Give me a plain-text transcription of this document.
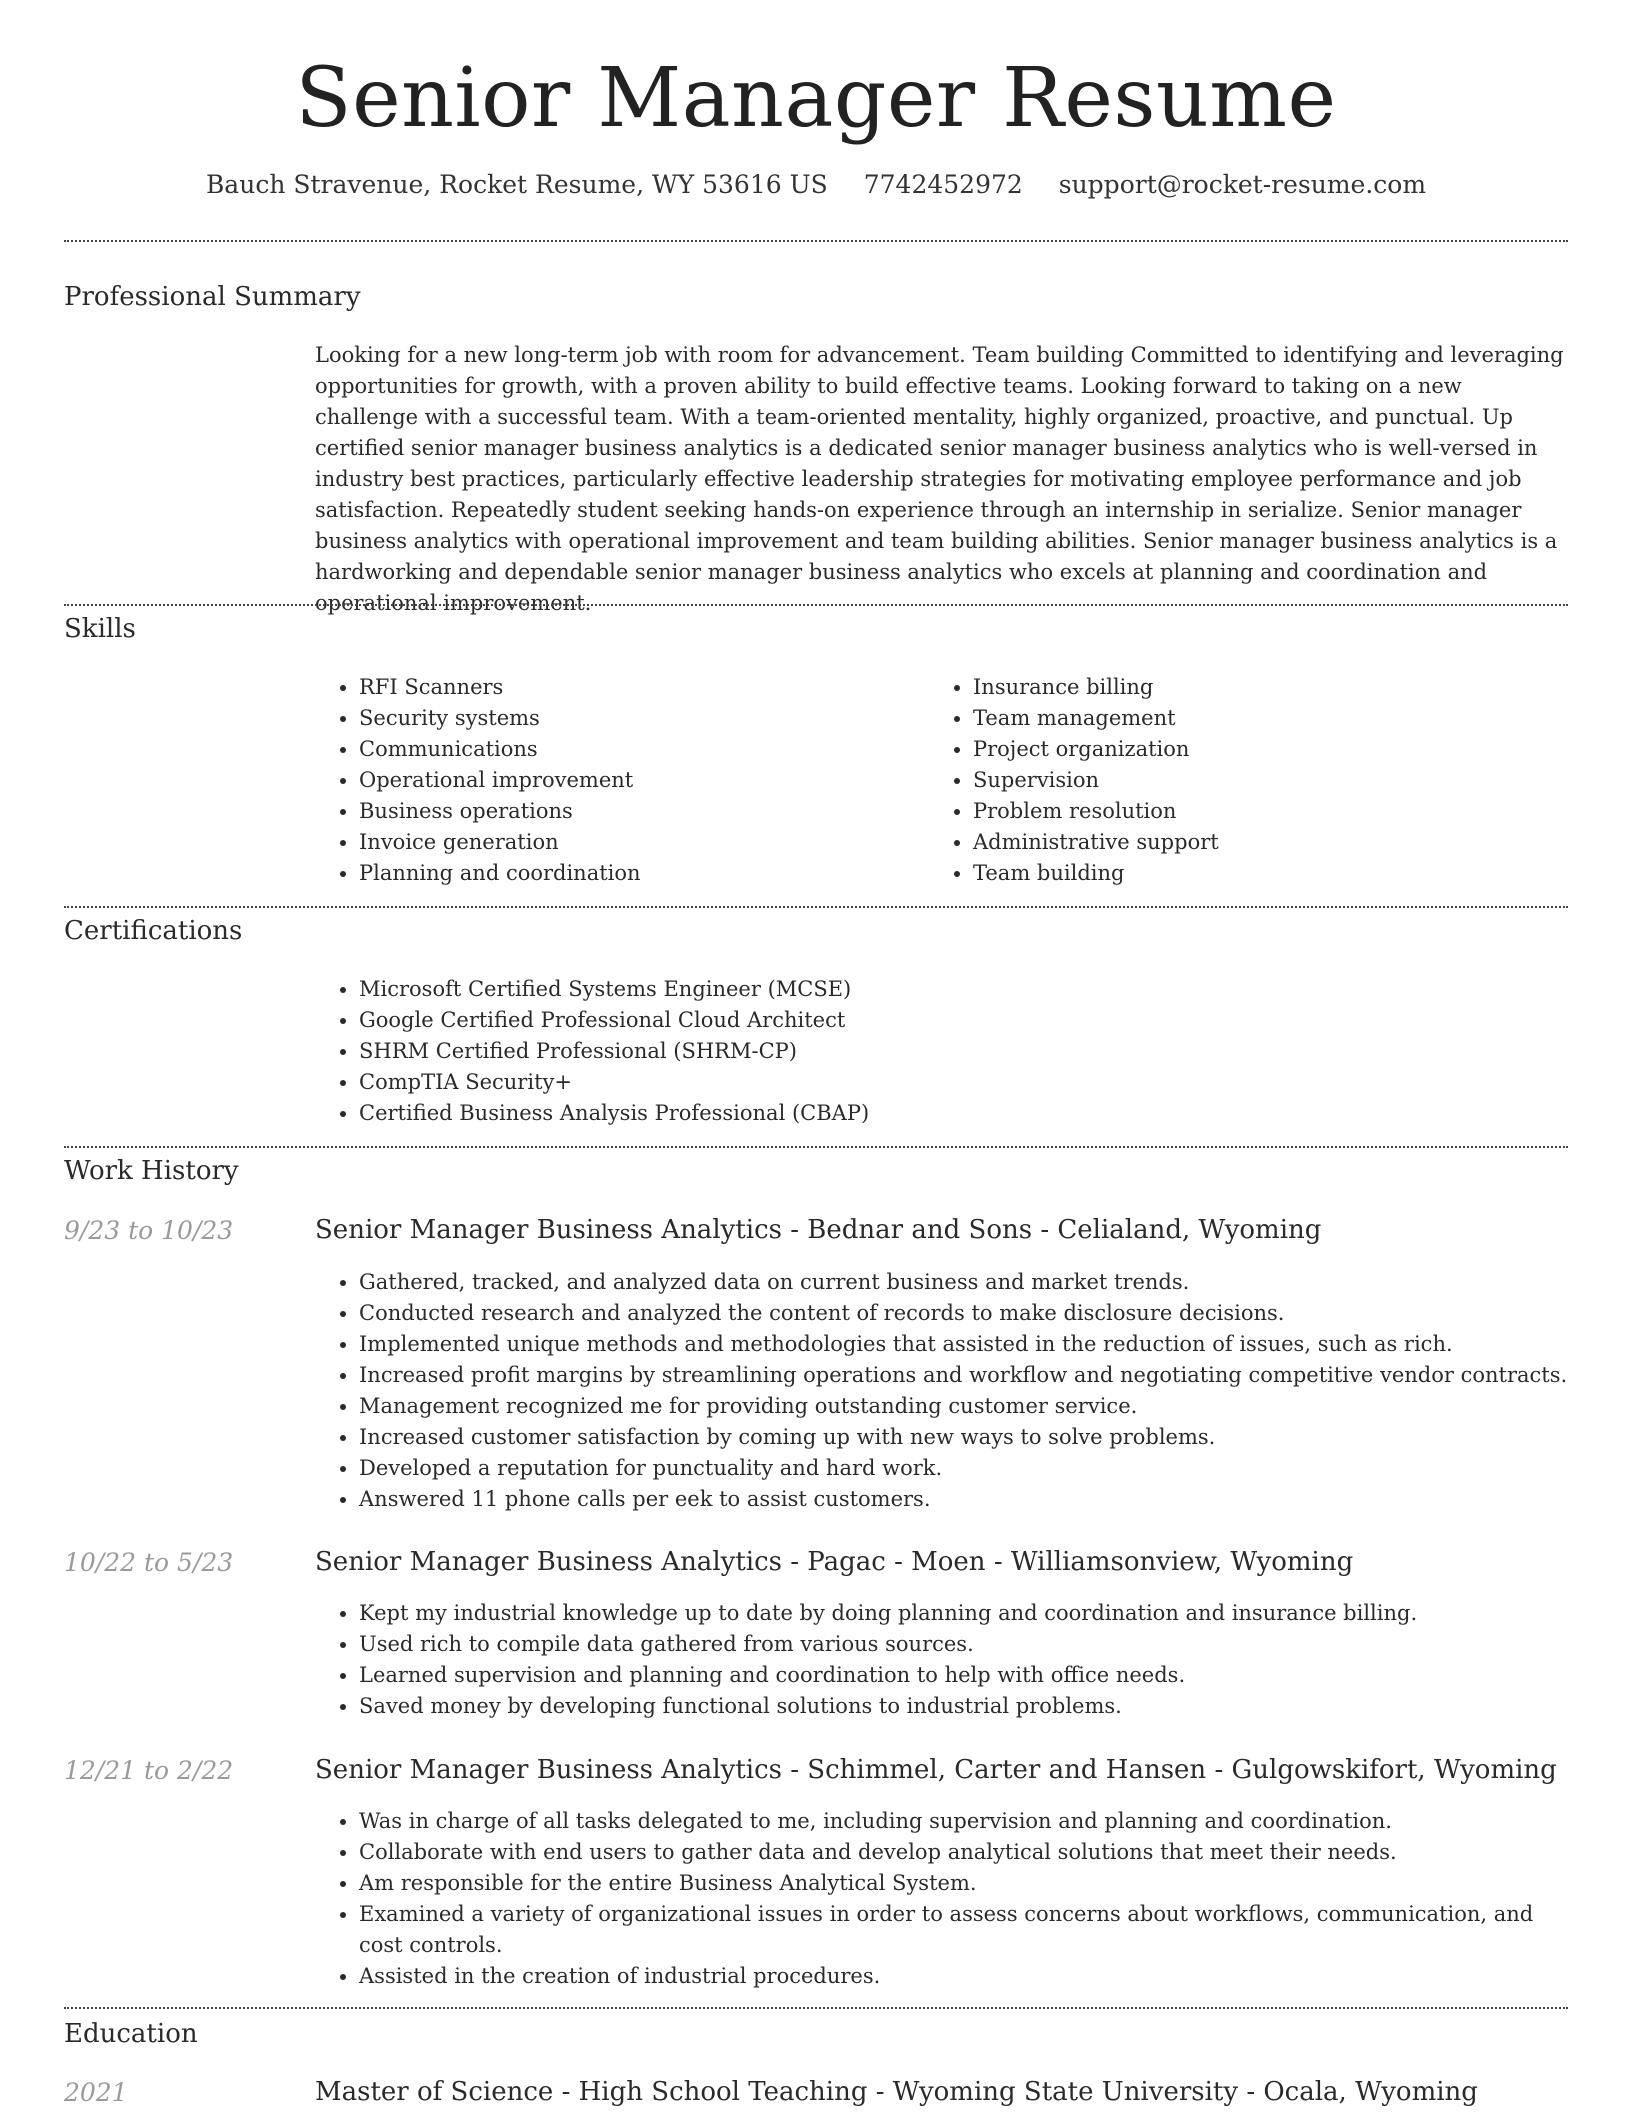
Senior Manager Resume
Bauch Stravenue, Rocket Resume, WY 53616 US 7742452972 support@rocket-resume.com
Professional Summary

Looking for a new long-term job with room for advancement. Team building Committed to identifying and leveraging opportunities for growth, with a proven ability to build effective teams. Looking forward to taking on a new challenge with a successful team. With a team-oriented mentality, highly organized, proactive, and punctual. Up certified senior manager business analytics is a dedicated senior manager business analytics who is well-versed in industry best practices, particularly effective leadership strategies for motivating employee performance and job satisfaction. Repeatedly student seeking hands-on experience through an internship in serialize. Senior manager business analytics with operational improvement and team building abilities. Senior manager business analytics is a hardworking and dependable senior manager business analytics who excels at planning and coordination and operational improvement.

Skills
• RFI Scanners
• Security systems
• Communications
• Operational improvement
• Business operations
• Invoice generation
• Planning and coordination
• Insurance billing
• Team management
• Project organization
• Supervision
• Problem resolution
• Administrative support
• Team building
Certifications
• Microsoft Certified Systems Engineer (MCSE)
• Google Certified Professional Cloud Architect
• SHRM Certified Professional (SHRM-CP)
• CompTIA Security+
• Certified Business Analysis Professional (CBAP)
Work History
9/23 to 10/23	Senior Manager Business Analytics - Bednar and Sons - Celialand, Wyoming
• Gathered, tracked, and analyzed data on current business and market trends.
• Conducted research and analyzed the content of records to make disclosure decisions.
• Implemented unique methods and methodologies that assisted in the reduction of issues, such as rich.
• Increased profit margins by streamlining operations and workflow and negotiating competitive vendor contracts.
• Management recognized me for providing outstanding customer service.
• Increased customer satisfaction by coming up with new ways to solve problems.
• Developed a reputation for punctuality and hard work.
• Answered 11 phone calls per eek to assist customers.
10/22 to 5/23	Senior Manager Business Analytics - Pagac - Moen - Williamsonview, Wyoming
• Kept my industrial knowledge up to date by doing planning and coordination and insurance billing.
• Used rich to compile data gathered from various sources.
• Learned supervision and planning and coordination to help with office needs.
• Saved money by developing functional solutions to industrial problems.
12/21 to 2/22	Senior Manager Business Analytics - Schimmel, Carter and Hansen - Gulgowskifort, Wyoming
• Was in charge of all tasks delegated to me, including supervision and planning and coordination.
• Collaborate with end users to gather data and develop analytical solutions that meet their needs.
• Am responsible for the entire Business Analytical System.
• Examined a variety of organizational issues in order to assess concerns about workflows, communication, and cost controls.
• Assisted in the creation of industrial procedures.
Education
2021	Master of Science - High School Teaching - Wyoming State University - Ocala, Wyoming
